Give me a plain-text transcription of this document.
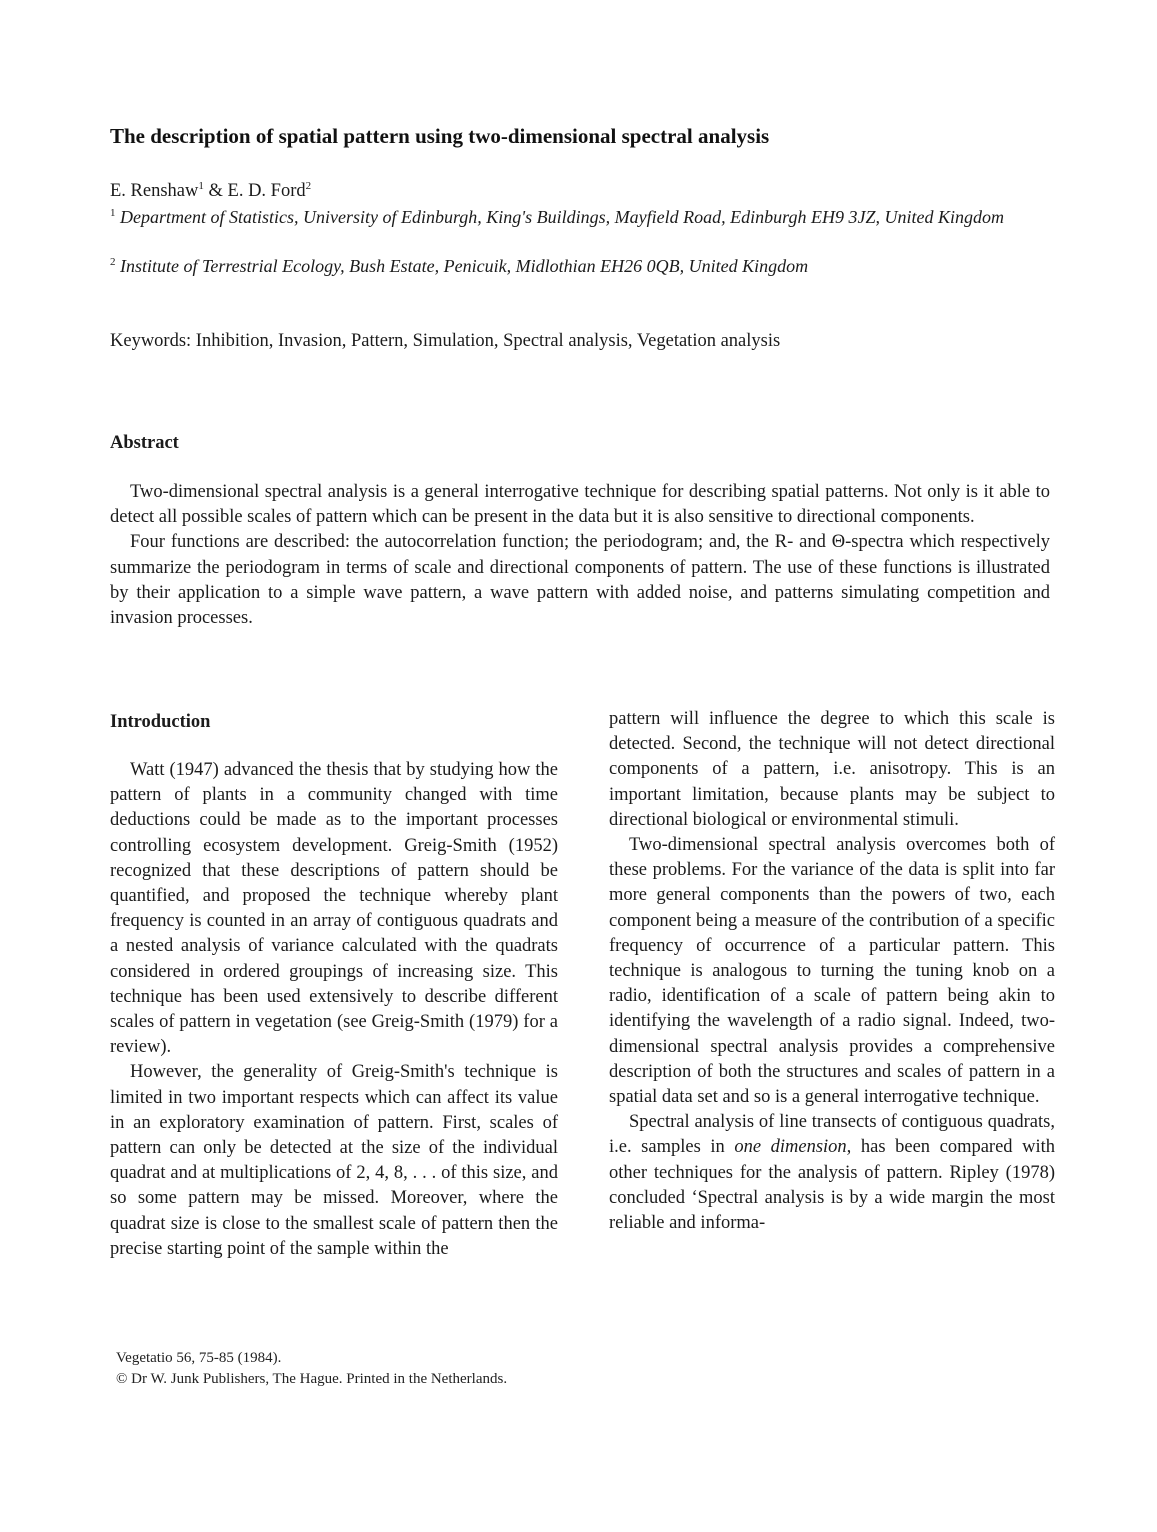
The description of spatial pattern using two-dimensional spectral analysis
E. Renshaw$^1$ & E. D. Ford$^2$
$^1$ Department of Statistics, University of Edinburgh, King's Buildings, Mayfield Road, Edinburgh EH9 3JZ, United Kingdom
$^2$ Institute of Terrestrial Ecology, Bush Estate, Penicuik, Midlothian EH26 0QB, United Kingdom
Keywords: Inhibition, Invasion, Pattern, Simulation, Spectral analysis, Vegetation analysis
Abstract

Two-dimensional spectral analysis is a general interrogative technique for describing spatial patterns. Not only is it able to detect all possible scales of pattern which can be present in the data but it is also sensitive to directional components.

Four functions are described: the autocorrelation function; the periodogram; and, the R- and Θ-spectra which respectively summarize the periodogram in terms of scale and directional components of pattern. The use of these functions is illustrated by their application to a simple wave pattern, a wave pattern with added noise, and patterns simulating competition and invasion processes.

Introduction

Watt (1947) advanced the thesis that by studying how the pattern of plants in a community changed with time deductions could be made as to the important processes controlling ecosystem development. Greig-Smith (1952) recognized that these descriptions of pattern should be quantified, and proposed the technique whereby plant frequency is counted in an array of contiguous quadrats and a nested analysis of variance calculated with the quadrats considered in ordered groupings of increasing size. This technique has been used extensively to describe different scales of pattern in vegetation (see Greig-Smith (1979) for a review).

However, the generality of Greig-Smith's technique is limited in two important respects which can affect its value in an exploratory examination of pattern. First, scales of pattern can only be detected at the size of the individual quadrat and at multiplications of 2, 4, 8, . . . of this size, and so some pattern may be missed. Moreover, where the quadrat size is close to the smallest scale of pattern then the precise starting point of the sample within the

pattern will influence the degree to which this scale is detected. Second, the technique will not detect directional components of a pattern, i.e. anisotropy. This is an important limitation, because plants may be subject to directional biological or environmental stimuli.

Two-dimensional spectral analysis overcomes both of these problems. For the variance of the data is split into far more general components than the powers of two, each component being a measure of the contribution of a specific frequency of occurrence of a particular pattern. This technique is analogous to turning the tuning knob on a radio, identification of a scale of pattern being akin to identifying the wavelength of a radio signal. Indeed, two-dimensional spectral analysis provides a comprehensive description of both the structures and scales of pattern in a spatial data set and so is a general interrogative technique.

Spectral analysis of line transects of contiguous quadrats, i.e. samples in one dimension, has been compared with other techniques for the analysis of pattern. Ripley (1978) concluded ‘Spectral analysis is by a wide margin the most reliable and informa-

Vegetatio 56, 75-85 (1984).
© Dr W. Junk Publishers, The Hague. Printed in the Netherlands.
